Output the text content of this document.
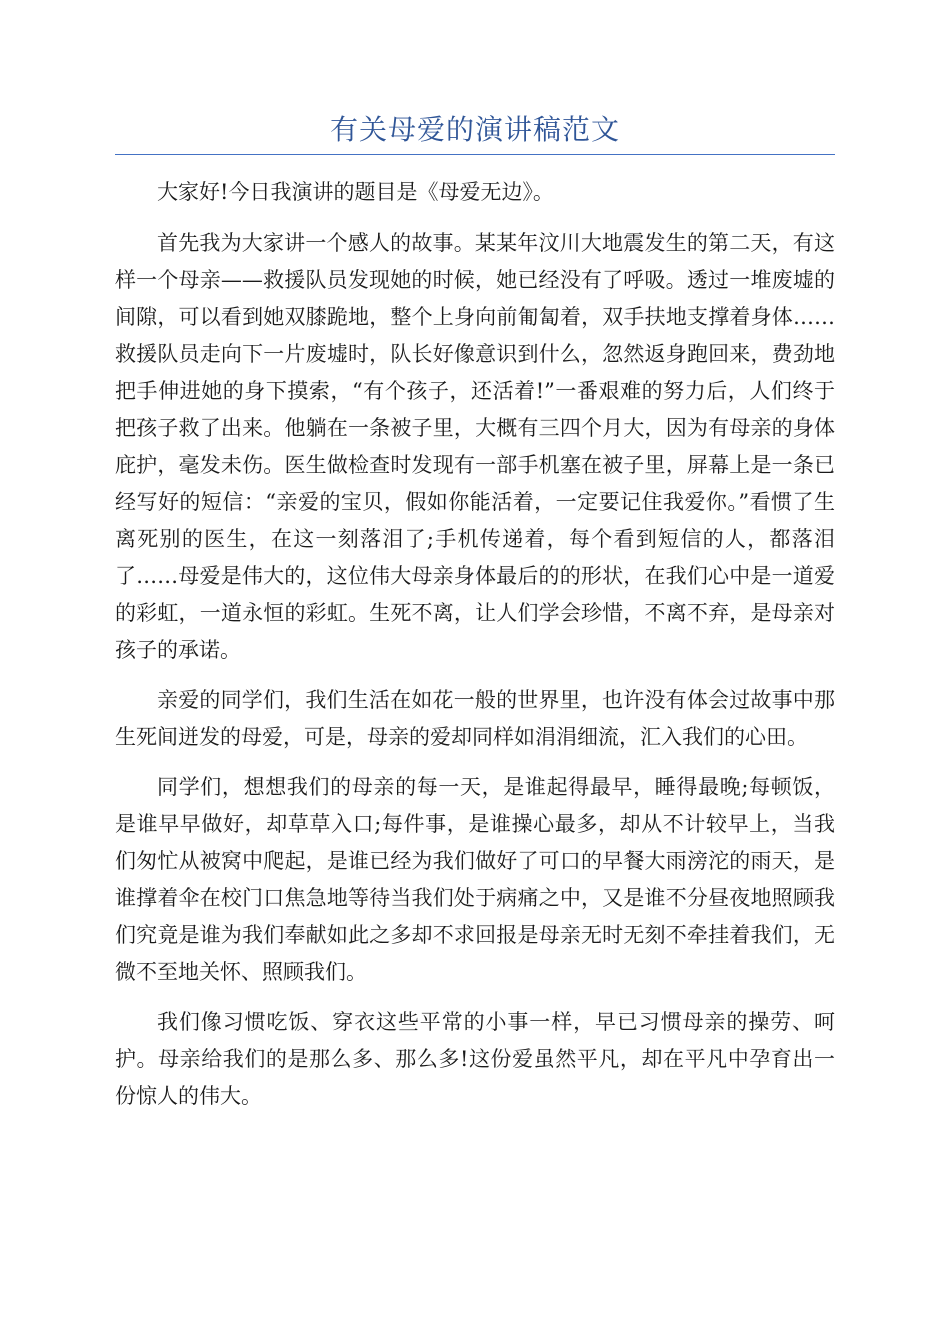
有关母爱的演讲稿范文

大家好!今日我演讲的题目是《母爱无边》。

首先我为大家讲一个感人的故事。某某年汶川大地震发生的第二天，有这样一个母亲——救援队员发现她的时候，她已经没有了呼吸。透过一堆废墟的间隙，可以看到她双膝跪地，整个上身向前匍匐着，双手扶地支撑着身体……救援队员走向下一片废墟时，队长好像意识到什么，忽然返身跑回来，费劲地把手伸进她的身下摸索，“有个孩子，还活着!”一番艰难的努力后，人们终于把孩子救了出来。他躺在一条被子里，大概有三四个月大，因为有母亲的身体庇护，毫发未伤。医生做检查时发现有一部手机塞在被子里，屏幕上是一条已经写好的短信：“亲爱的宝贝，假如你能活着，一定要记住我爱你。”看惯了生离死别的医生，在这一刻落泪了;手机传递着，每个看到短信的人，都落泪了……母爱是伟大的，这位伟大母亲身体最后的的形状，在我们心中是一道爱的彩虹，一道永恒的彩虹。生死不离，让人们学会珍惜，不离不弃，是母亲对孩子的承诺。

亲爱的同学们，我们生活在如花一般的世界里，也许没有体会过故事中那生死间迸发的母爱，可是，母亲的爱却同样如涓涓细流，汇入我们的心田。

同学们，想想我们的母亲的每一天，是谁起得最早，睡得最晚;每顿饭，是谁早早做好，却草草入口;每件事，是谁操心最多，却从不计较早上，当我们匆忙从被窝中爬起，是谁已经为我们做好了可口的早餐大雨滂沱的雨天，是谁撑着伞在校门口焦急地等待当我们处于病痛之中，又是谁不分昼夜地照顾我们究竟是谁为我们奉献如此之多却不求回报是母亲无时无刻不牵挂着我们，无微不至地关怀、照顾我们。

我们像习惯吃饭、穿衣这些平常的小事一样，早已习惯母亲的操劳、呵护。母亲给我们的是那么多、那么多!这份爱虽然平凡，却在平凡中孕育出一份惊人的伟大。
